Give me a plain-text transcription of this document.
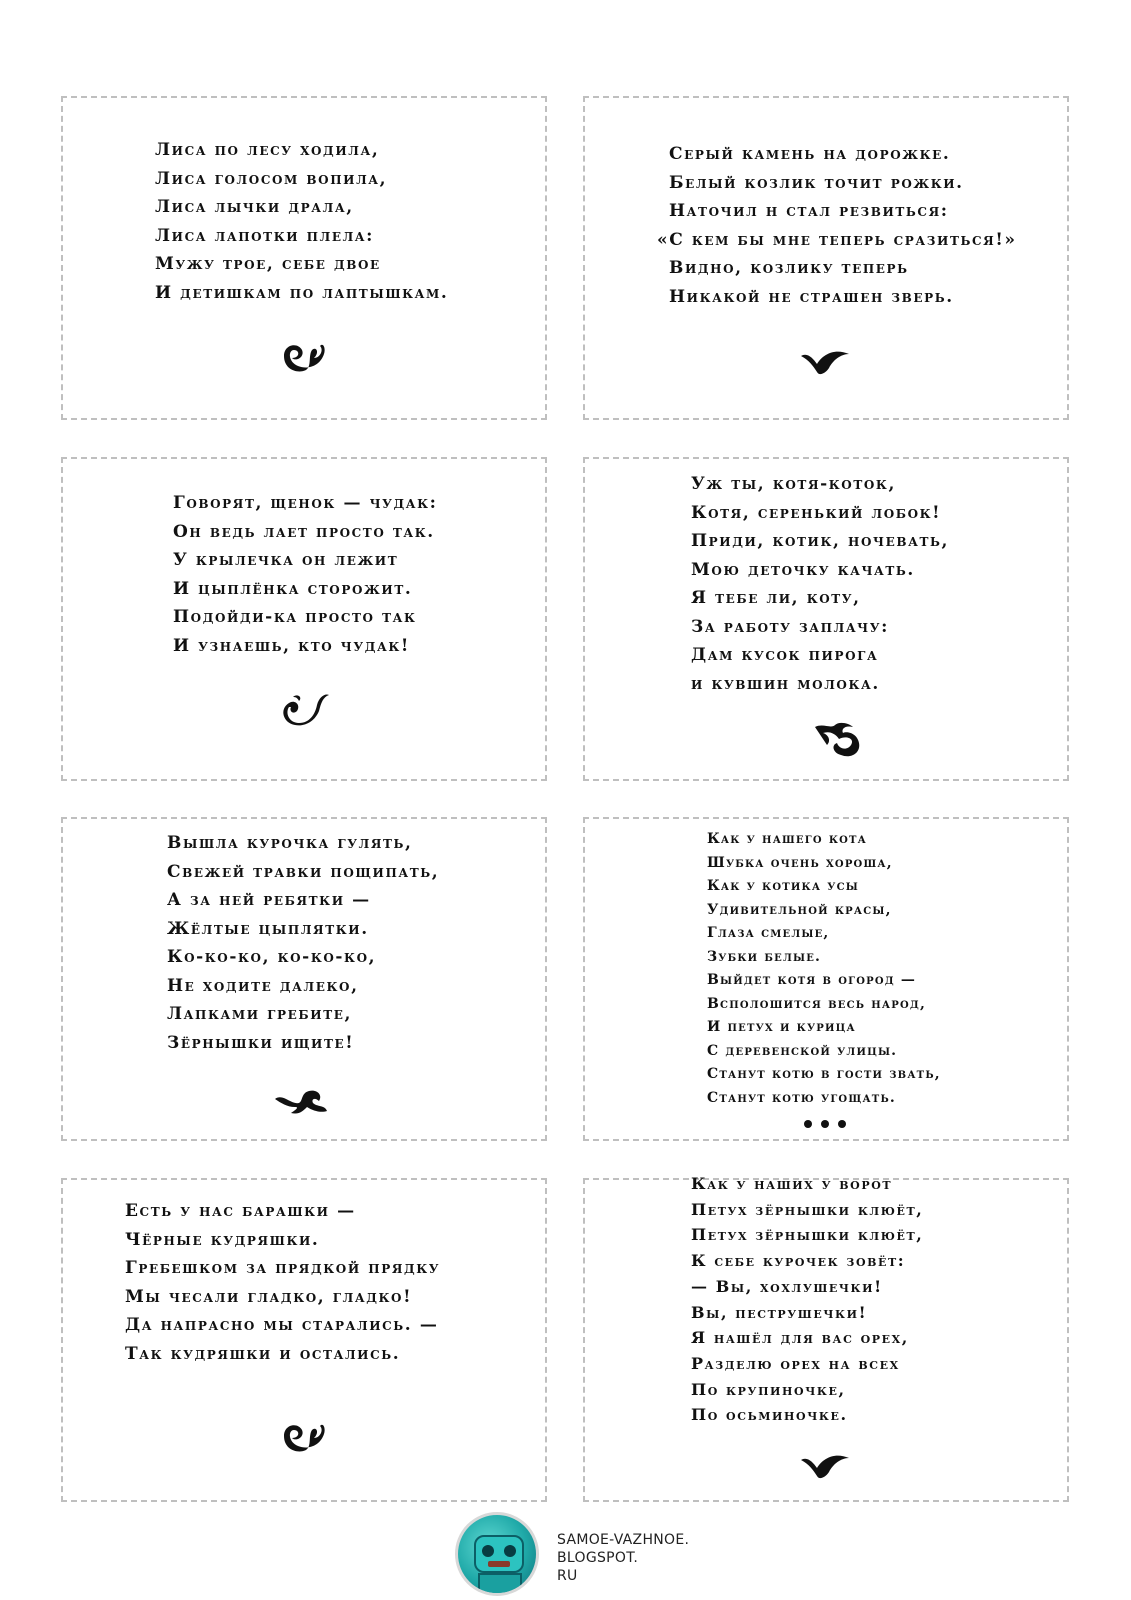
Лиса по лесу ходила,
Лиса голосом вопила,
Лиса лычки драла,
Лиса лапотки плела:
Мужу трое, себе двое
И детишкам по лаптышкам.
Серый камень на дорожке.
Белый козлик точит рожки.
Наточил н стал резвиться:
«С кем бы мне теперь сразиться!»
Видно, козлику теперь
Никакой не страшен зверь.
Говорят, щенок — чудак:
Он ведь лает просто так.
У крылечка он лежит
И цыплёнка сторожит.
Подойди-ка просто так
И узнаешь, кто чудак!
Уж ты, котя-коток,
Котя, серенький лобок!
Приди, котик, ночевать,
Мою деточку качать.
Я тебе ли, коту,
За работу заплачу:
Дам кусок пирога
и кувшин молока.
Вышла курочка гулять,
Свежей травки пощипать,
А за ней ребятки —
Жёлтые цыплятки.
Ко-ко-ко, ко-ко-ко,
Не ходите далеко,
Лапками гребите,
Зёрнышки ищите!
Как у нашего кота
Шубка очень хороша,
Как у котика усы
Удивительной красы,
Глаза смелые,
Зубки белые.
Выйдет котя в огород —
Всполошится весь народ,
И петух и курица
С деревенской улицы.
Станут котю в гости звать,
Станут котю угощать.
Есть у нас барашки —
Чёрные кудряшки.
Гребешком за прядкой прядку
Мы чесали гладко, гладко!
Да напрасно мы старались. —
Так кудряшки и остались.
Как у наших у ворот
Петух зёрнышки клюёт,
Петух зёрнышки клюёт,
К себе курочек зовёт:
— Вы, хохлушечки!
Вы, пеструшечки!
Я нашёл для вас орех,
Разделю орех на всех
По крупиночке,
По осьминочке.
SAMOE-VAZHNOE.
BLOGSPOT.
RU
